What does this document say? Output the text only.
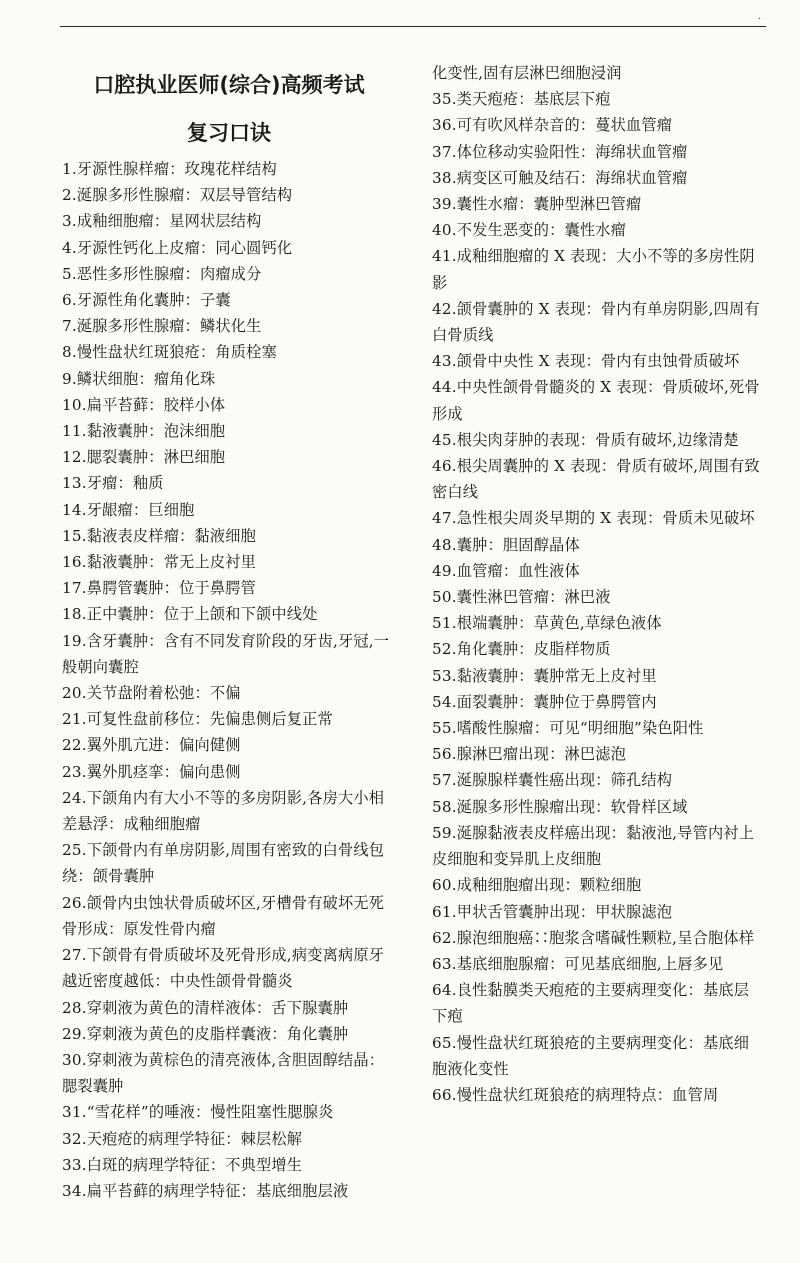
·
口腔执业医师(综合)高频考试
复习口诀
1.牙源性腺样瘤：玫瑰花样结构
2.涎腺多形性腺瘤：双层导管结构
3.成釉细胞瘤：星网状层结构
4.牙源性钙化上皮瘤：同心圆钙化
5.恶性多形性腺瘤：肉瘤成分
6.牙源性角化囊肿：子囊
7.涎腺多形性腺瘤：鳞状化生
8.慢性盘状红斑狼疮：角质栓塞
9.鳞状细胞：瘤角化珠
10.扁平苔藓：胶样小体
11.黏液囊肿：泡沫细胞
12.腮裂囊肿：淋巴细胞
13.牙瘤：釉质
14.牙龈瘤：巨细胞
15.黏液表皮样瘤：黏液细胞
16.黏液囊肿：常无上皮衬里
17.鼻腭管囊肿：位于鼻腭管
18.正中囊肿：位于上颌和下颌中线处
19.含牙囊肿：含有不同发育阶段的牙齿,牙冠,一般朝向囊腔
20.关节盘附着松弛：不偏
21.可复性盘前移位：先偏患侧后复正常
22.翼外肌亢进：偏向健侧
23.翼外肌痉挛：偏向患侧
24.下颌角内有大小不等的多房阴影,各房大小相差悬浮：成釉细胞瘤
25.下颌骨内有单房阴影,周围有密致的白骨线包绕：颌骨囊肿
26.颌骨内虫蚀状骨质破坏区,牙槽骨有破坏无死骨形成：原发性骨内瘤
27.下颌骨有骨质破坏及死骨形成,病变离病原牙越近密度越低：中央性颌骨骨髓炎
28.穿刺液为黄色的清样液体：舌下腺囊肿
29.穿刺液为黄色的皮脂样囊液：角化囊肿
30.穿刺液为黄棕色的清亮液体,含胆固醇结晶：腮裂囊肿
31.“雪花样”的唾液：慢性阻塞性腮腺炎
32.天疱疮的病理学特征：棘层松解
33.白斑的病理学特征：不典型增生
34.扁平苔藓的病理学特征：基底细胞层液
化变性,固有层淋巴细胞浸润
35.类天疱疮：基底层下疱
36.可有吹风样杂音的：蔓状血管瘤
37.体位移动实验阳性：海绵状血管瘤
38.病变区可触及结石：海绵状血管瘤
39.囊性水瘤：囊肿型淋巴管瘤
40.不发生恶变的：囊性水瘤
41.成釉细胞瘤的 X 表现：大小不等的多房性阴影
42.颌骨囊肿的 X 表现：骨内有单房阴影,四周有白骨质线
43.颌骨中央性 X 表现：骨内有虫蚀骨质破坏
44.中央性颌骨骨髓炎的 X 表现：骨质破坏,死骨形成
45.根尖肉芽肿的表现：骨质有破坏,边缘清楚
46.根尖周囊肿的 X 表现：骨质有破坏,周围有致密白线
47.急性根尖周炎早期的 X 表现：骨质未见破坏
48.囊肿：胆固醇晶体
49.血管瘤：血性液体
50.囊性淋巴管瘤：淋巴液
51.根端囊肿：草黄色,草绿色液体
52.角化囊肿：皮脂样物质
53.黏液囊肿：囊肿常无上皮衬里
54.面裂囊肿：囊肿位于鼻腭管内
55.嗜酸性腺瘤：可见“明细胞”染色阳性
56.腺淋巴瘤出现：淋巴滤泡
57.涎腺腺样囊性癌出现：筛孔结构
58.涎腺多形性腺瘤出现：软骨样区域
59.涎腺黏液表皮样癌出现：黏液池,导管内衬上皮细胞和变异肌上皮细胞
60.成釉细胞瘤出现：颗粒细胞
61.甲状舌管囊肿出现：甲状腺滤泡
62.腺泡细胞癌∷胞浆含嗜碱性颗粒,呈合胞体样
63.基底细胞腺瘤：可见基底细胞,上唇多见
64.良性黏膜类天疱疮的主要病理变化：基底层下疱
65.慢性盘状红斑狼疮的主要病理变化：基底细胞液化变性
66.慢性盘状红斑狼疮的病理特点：血管周
